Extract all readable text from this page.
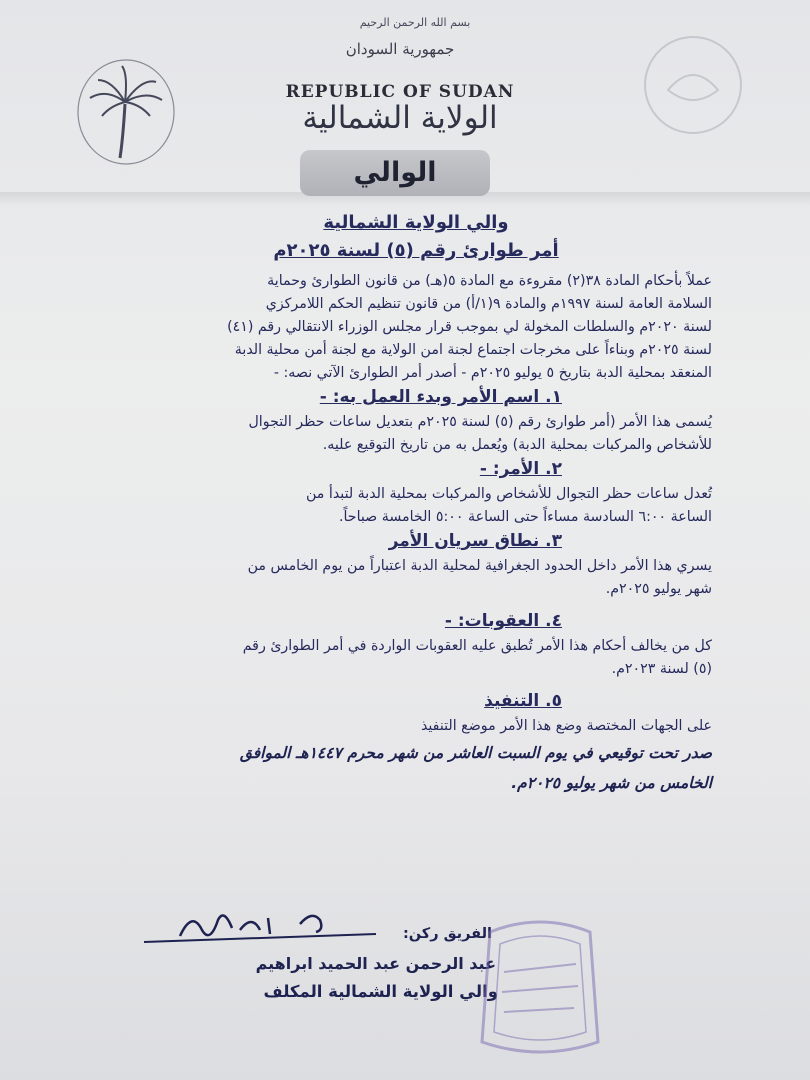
بسم الله الرحمن الرحيم
جمهورية السودان
REPUBLIC OF SUDAN
الولاية الشمالية
الوالي
والي الولاية الشمالية
أمر طوارئ رقم (٥) لسنة ٢٠٢٥م

عملاً بأحكام المادة ٣٨(٢) مقروءة مع المادة ٥(هـ) من قانون الطوارئ وحماية
السلامة العامة لسنة ١٩٩٧م والمادة ٩(١/أ) من قانون تنظيم الحكم اللامركزي
لسنة ٢٠٢٠م والسلطات المخولة لي بموجب قرار مجلس الوزراء الانتقالي رقم (٤١)
لسنة ٢٠٢٥م وبناءاً على مخرجات اجتماع لجنة امن الولاية مع لجنة أمن محلية الدبة
المنعقد بمحلية الدبة بتاريخ ٥ يوليو ٢٠٢٥م - أصدر أمر الطوارئ الآتي نصه: -

١. اسم الأمر وبدء العمل به: -

يُسمى هذا الأمر (أمر طوارئ رقم (٥) لسنة ٢٠٢٥م بتعديل ساعات حظر التجوال
للأشخاص والمركبات بمحلية الدبة) ويُعمل به من تاريخ التوقيع عليه.

٢. الأمر: -

تُعدل ساعات حظر التجوال للأشخاص والمركبات بمحلية الدبة لتبدأ من
الساعة ٦:٠٠ السادسة مساءاً حتى الساعة ٥:٠٠ الخامسة صباحاً.

٣. نطاق سريان الأمر

يسري هذا الأمر داخل الحدود الجغرافية لمحلية الدبة اعتباراً من يوم الخامس من
شهر يوليو ٢٠٢٥م.

٤. العقوبات: -

كل من يخالف أحكام هذا الأمر تُطبق عليه العقوبات الواردة في أمر الطوارئ رقم
(٥) لسنة ٢٠٢٣م.

٥. التنفيذ

على الجهات المختصة وضع هذا الأمر موضع التنفيذ

صدر تحت توقيعي في يوم السبت العاشر من شهر محرم ١٤٤٧هـ الموافق
الخامس من شهر يوليو ٢٠٢٥م.
الفريق ركن:
عبد الرحمن عبد الحميد ابراهيم
والي الولاية الشمالية المكلف
